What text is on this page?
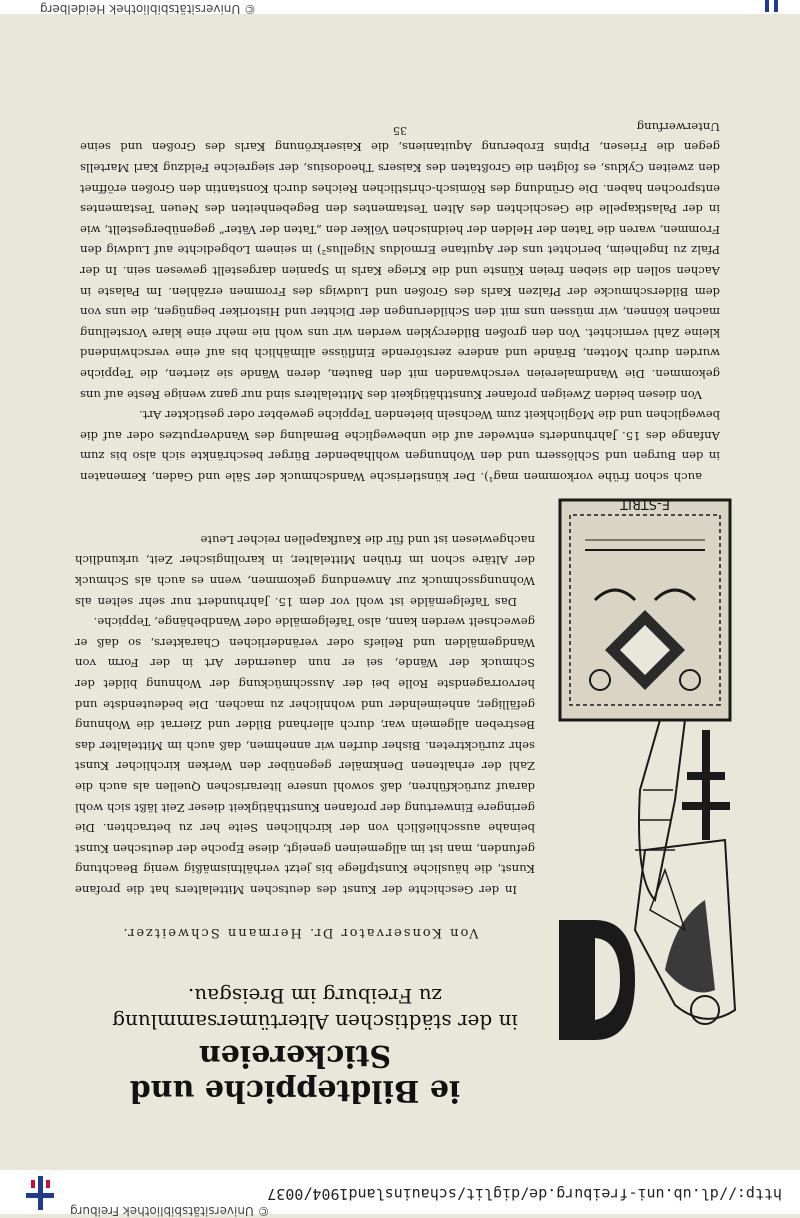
http://dl.ub.uni-freiburg.de/diglit/schauinsland1904/0037
© Universitätsbibliothek Freiburg
ie Bildteppiche und Stickereien
in der städtischen Altertümersammlung
zu Freiburg im Breisgau.
Von Konservator Dr. Hermann Schweitzer.
E-STRIT

In der Geschichte der Kunst des deutschen Mittelalters hat die profane Kunst, die häusliche Kunstpflege bis jetzt verhältnismäßig wenig Beachtung gefunden, man ist im allgemeinen geneigt, diese Epoche der deutschen Kunst beinahe ausschließlich von der kirchlichen Seite her zu betrachten. Die geringere Einwertung der profanen Kunstthätigkeit dieser Zeit läßt sich wohl darauf zurückführen, daß sowohl unsere literarischen Quellen als auch die Zahl der erhaltenen Denkmäler gegenüber den Werken kirchlicher Kunst sehr zurücktreten. Bisher durfen wir annehmen, daß auch im Mittelalter das Bestreben allgemein war, durch allerhand Bilder und Zierrat die Wohnung gefälliger, anheimelnder und wohnlicher zu machen. Die bedeutendste und hervorragendste Rolle bei der Ausschmückung der Wohnung bildet der Schmuck der Wände, sei er nun dauernder Art in der Form von Wandgemälden und Reliefs oder veränderlichen Charakters, so daß er gewechselt werden kann, also Tafelgemälde oder Wandbehänge, Teppiche.

Das Tafelgemälde ist wohl vor dem 15. Jahrhundert nur sehr selten als Wohnungsschmuck zur Anwendung gekommen, wenn es auch als Schmuck der Altäre schon im frühen Mittelalter, in karolingischer Zeit, urkundlich nachgewiesen ist und für die Kaufkapellen reicher Leute

auch schon frühe vorkommen mag¹). Der künstlerische Wandschmuck der Säle und Gaden, Kemenaten in den Burgen und Schlössern und den Wohnungen wohlhabender Bürger beschränkte sich also bis zum Anfange des 15. Jahrhunderts entweder auf die unbewegliche Bemalung des Wandverputzes oder auf die beweglichen und die Möglichkeit zum Wechseln bietenden Teppiche gewebter oder gestickter Art.

Von diesen beiden Zweigen profaner Kunstthätigkeit des Mittelalters sind nur ganz wenige Reste auf uns gekommen. Die Wandmalereien verschwanden mit den Bauten, deren Wände sie zierten, die Teppiche wurden durch Motten, Brände und andere zerstörende Einflüsse allmählich bis auf eine verschwindend kleine Zahl vernichtet. Von den großen Bildercyklen werden wir uns wohl nie mehr eine klare Vorstellung machen können, wir müssen uns mit den Schilderungen der Dichter und Historiker begnügen, die uns von dem Bilderschmucke der Pfalzen Karls des Großen und Ludwigs des Frommen erzählen. Im Palaste in Aachen sollen die sieben freien Künste und die Kriege Karls in Spanien dargestellt gewesen sein. In der Pfalz zu Ingelheim, berichtet uns der Aquitane Ermoldus Nigellus²) in seinem Lobgedichte auf Ludwig den Frommen, waren die Taten der Helden der heidnischen Völker den „Taten der Väter“ gegenübergestellt, wie in der Palastkapelle die Geschichten des Alten Testamentes den Begebenheiten des Neuen Testamentes entsprochen haben. Die Gründung des Römisch-christlichen Reiches durch Konstantin den Großen eröffnet den zweiten Cyklus, es folgten die Großtaten des Kaisers Theodosius, der siegreiche Feldzug Karl Martells gegen die Friesen, Pipins Eroberung Aquitaniens, die Kaiserkrönung Karls des Großen und seine Unterwerfung

35
© Universitätsbibliothek Heidelberg
